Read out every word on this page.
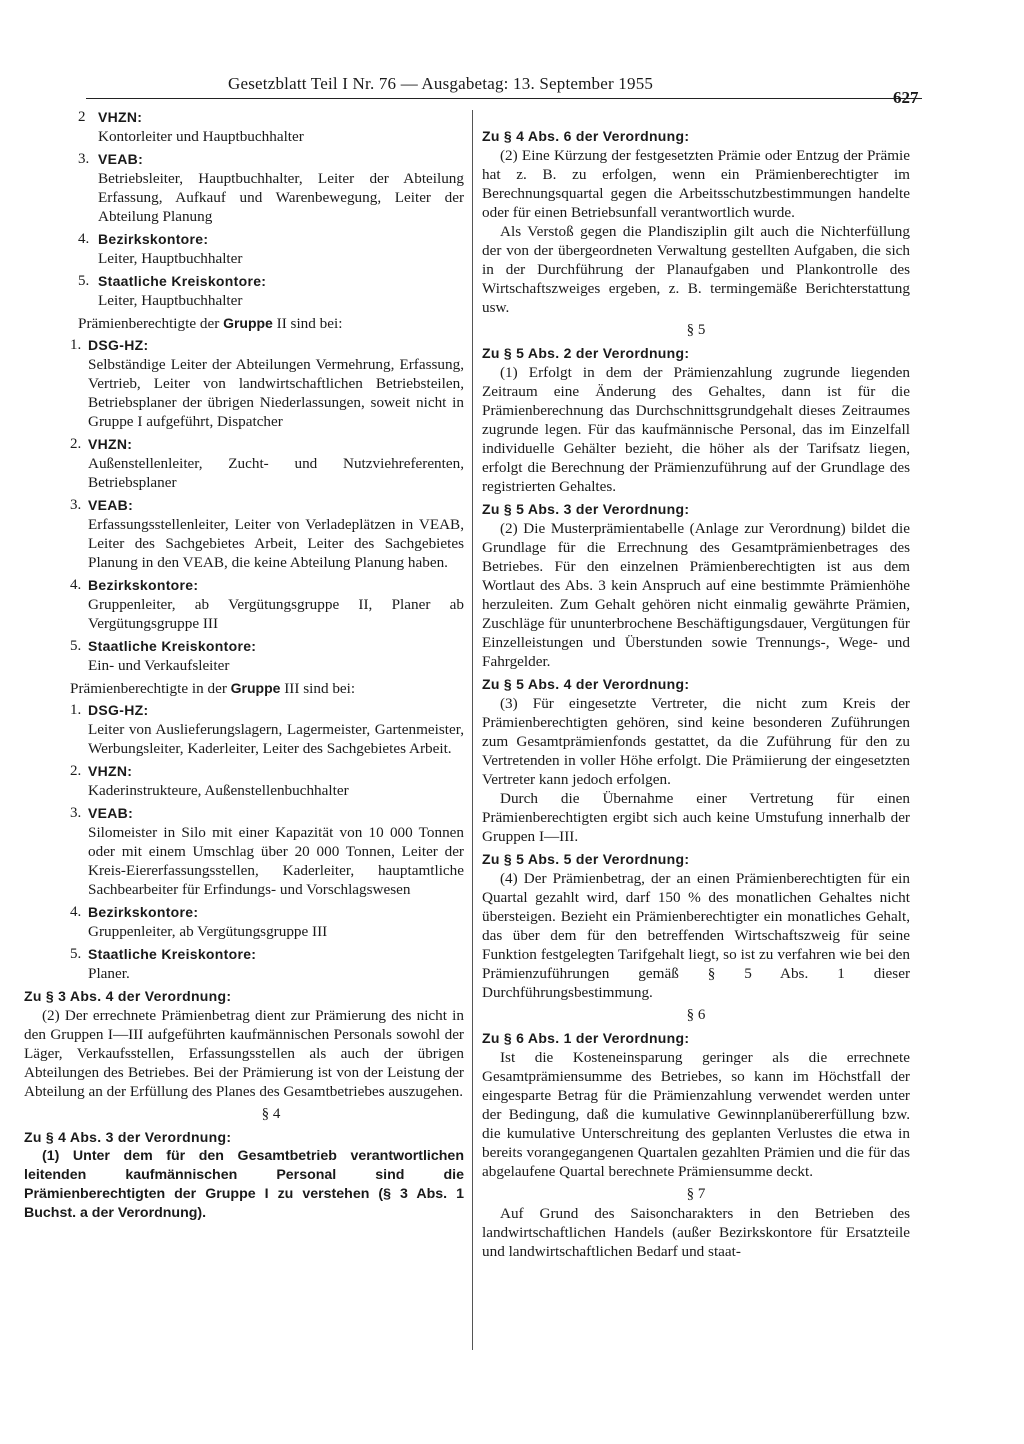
Gesetzblatt Teil I Nr. 76 — Ausgabetag: 13. September 1955
627
2 VHZN:
Kontorleiter und Hauptbuchhalter
3. VEAB:
Betriebsleiter, Hauptbuchhalter, Leiter der Abteilung Erfassung, Aufkauf und Warenbewegung, Leiter der Abteilung Planung
4. Bezirkskontore:
Leiter, Hauptbuchhalter
5. Staatliche Kreiskontore:
Leiter, Hauptbuchhalter
Prämienberechtigte der Gruppe II sind bei:
1. DSG-HZ:
Selbständige Leiter der Abteilungen Vermehrung, Erfassung, Vertrieb, Leiter von landwirtschaftlichen Betriebsteilen, Betriebsplaner der übrigen Niederlassungen, soweit nicht in Gruppe I aufgeführt, Dispatcher
2. VHZN:
Außenstellenleiter, Zucht- und Nutzviehreferenten, Betriebsplaner
3. VEAB:
Erfassungsstellenleiter, Leiter von Verladeplätzen in VEAB, Leiter des Sachgebietes Arbeit, Leiter des Sachgebietes Planung in den VEAB, die keine Abteilung Planung haben.
4. Bezirkskontore:
Gruppenleiter, ab Vergütungsgruppe II, Planer ab Vergütungsgruppe III
5. Staatliche Kreiskontore:
Ein- und Verkaufsleiter
Prämienberechtigte in der Gruppe III sind bei:
1. DSG-HZ:
Leiter von Auslieferungslagern, Lagermeister, Gartenmeister, Werbungsleiter, Kaderleiter, Leiter des Sachgebietes Arbeit.
2. VHZN:
Kaderinstrukteure, Außenstellenbuchhalter
3. VEAB:
Silomeister in Silo mit einer Kapazität von 10 000 Tonnen oder mit einem Umschlag über 20 000 Tonnen, Leiter der Kreis-Eiererfassungsstellen, Kaderleiter, hauptamtliche Sachbearbeiter für Erfindungs- und Vorschlagswesen
4. Bezirkskontore:
Gruppenleiter, ab Vergütungsgruppe III
5. Staatliche Kreiskontore:
Planer.
Zu § 3 Abs. 4 der Verordnung:
(2) Der errechnete Prämienbetrag dient zur Prämierung des nicht in den Gruppen I—III aufgeführten kaufmännischen Personals sowohl der Läger, Verkaufsstellen, Erfassungsstellen als auch der übrigen Abteilungen des Betriebes. Bei der Prämierung ist von der Leistung der Abteilung an der Erfüllung des Planes des Gesamtbetriebes auszugehen.
§ 4
Zu § 4 Abs. 3 der Verordnung:
(1) Unter dem für den Gesamtbetrieb verantwortlichen leitenden kaufmännischen Personal sind die Prämienberechtigten der Gruppe I zu verstehen (§ 3 Abs. 1 Buchst. a der Verordnung).
Zu § 4 Abs. 6 der Verordnung:
(2) Eine Kürzung der festgesetzten Prämie oder Entzug der Prämie hat z. B. zu erfolgen, wenn ein Prämienberechtigter im Berechnungsquartal gegen die Arbeitsschutzbestimmungen handelte oder für einen Betriebsunfall verantwortlich wurde.
Als Verstoß gegen die Plandisziplin gilt auch die Nichterfüllung der von der übergeordneten Verwaltung gestellten Aufgaben, die sich in der Durchführung der Planaufgaben und Plankontrolle des Wirtschaftszweiges ergeben, z. B. termingemäße Berichterstattung usw.
§ 5
Zu § 5 Abs. 2 der Verordnung:
(1) Erfolgt in dem der Prämienzahlung zugrunde liegenden Zeitraum eine Änderung des Gehaltes, dann ist für die Prämienberechnung das Durchschnittsgrundgehalt dieses Zeitraumes zugrunde legen. Für das kaufmännische Personal, das im Einzelfall individuelle Gehälter bezieht, die höher als der Tarifsatz liegen, erfolgt die Berechnung der Prämienzuführung auf der Grundlage des registrierten Gehaltes.
Zu § 5 Abs. 3 der Verordnung:
(2) Die Musterprämientabelle (Anlage zur Verordnung) bildet die Grundlage für die Errechnung des Gesamtprämienbetrages des Betriebes. Für den einzelnen Prämienberechtigten ist aus dem Wortlaut des Abs. 3 kein Anspruch auf eine bestimmte Prämienhöhe herzuleiten. Zum Gehalt gehören nicht einmalig gewährte Prämien, Zuschläge für ununterbrochene Beschäftigungsdauer, Vergütungen für Einzelleistungen und Überstunden sowie Trennungs-, Wege- und Fahrgelder.
Zu § 5 Abs. 4 der Verordnung:
(3) Für eingesetzte Vertreter, die nicht zum Kreis der Prämienberechtigten gehören, sind keine besonderen Zuführungen zum Gesamtprämienfonds gestattet, da die Zuführung für den zu Vertretenden in voller Höhe erfolgt. Die Prämiierung der eingesetzten Vertreter kann jedoch erfolgen.
Durch die Übernahme einer Vertretung für einen Prämienberechtigten ergibt sich auch keine Umstufung innerhalb der Gruppen I—III.
Zu § 5 Abs. 5 der Verordnung:
(4) Der Prämienbetrag, der an einen Prämienberechtigten für ein Quartal gezahlt wird, darf 150 % des monatlichen Gehaltes nicht übersteigen. Bezieht ein Prämienberechtigter ein monatliches Gehalt, das über dem für den betreffenden Wirtschaftszweig für seine Funktion festgelegten Tarifgehalt liegt, so ist zu verfahren wie bei den Prämienzuführungen gemäß § 5 Abs. 1 dieser Durchführungsbestimmung.
§ 6
Zu § 6 Abs. 1 der Verordnung:
Ist die Kosteneinsparung geringer als die errechnete Gesamtprämiensumme des Betriebes, so kann im Höchstfall der eingesparte Betrag für die Prämienzahlung verwendet werden unter der Bedingung, daß die kumulative Gewinnplanübererfüllung bzw. die kumulative Unterschreitung des geplanten Verlustes die etwa in bereits vorangegangenen Quartalen gezahlten Prämien und die für das abgelaufene Quartal berechnete Prämiensumme deckt.
§ 7
Auf Grund des Saisoncharakters in den Betrieben des landwirtschaftlichen Handels (außer Bezirkskontore für Ersatzteile und landwirtschaftlichen Bedarf und staat-
